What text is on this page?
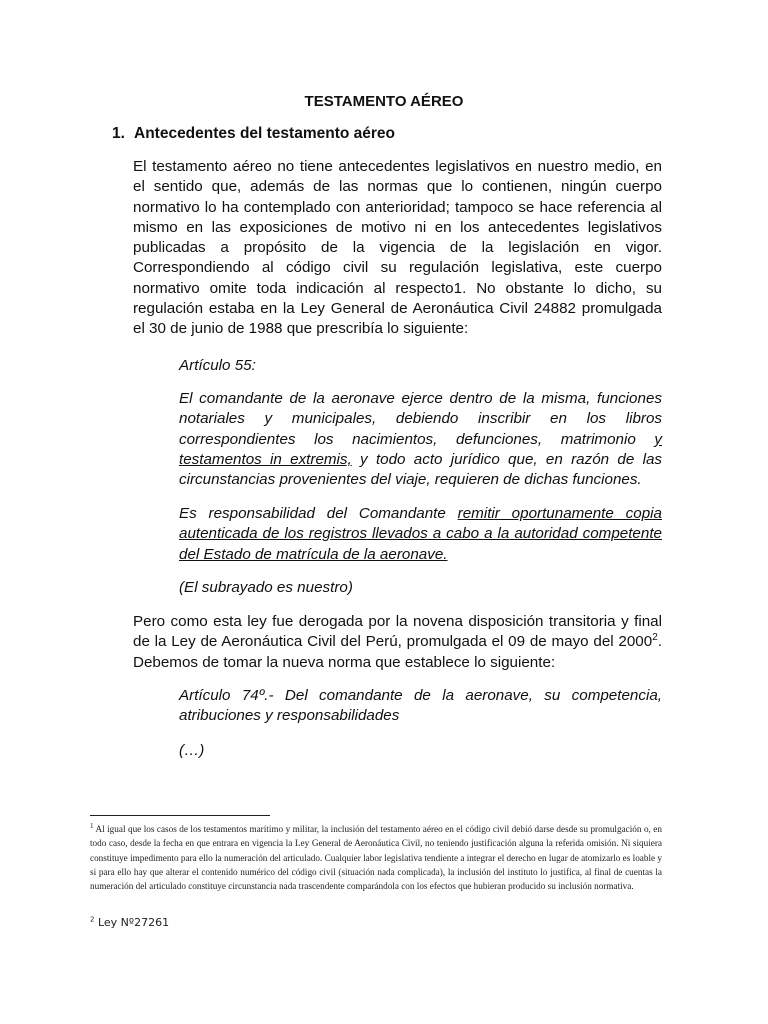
TESTAMENTO AÉREO
1. Antecedentes del testamento aéreo
El testamento aéreo no tiene antecedentes legislativos en nuestro medio, en el sentido que, además de las normas que lo contienen, ningún cuerpo normativo lo ha contemplado con anterioridad; tampoco se hace referencia al mismo en las exposiciones de motivo ni en los antecedentes legislativos publicadas a propósito de la vigencia de la legislación en vigor. Correspondiendo al código civil su regulación legislativa, este cuerpo normativo omite toda indicación al respecto1. No obstante lo dicho, su regulación estaba en la Ley General de Aeronáutica Civil 24882 promulgada el 30 de junio de 1988 que prescribía lo siguiente:
Artículo 55:
El comandante de la aeronave ejerce dentro de la misma, funciones notariales y municipales, debiendo inscribir en los libros correspondientes los nacimientos, defunciones, matrimonio y testamentos in extremis, y todo acto jurídico que, en razón de las circunstancias provenientes del viaje, requieren de dichas funciones.
Es responsabilidad del Comandante remitir oportunamente copia autenticada de los registros llevados a cabo a la autoridad competente del Estado de matrícula de la aeronave.
(El subrayado es nuestro)
Pero como esta ley fue derogada por la novena disposición transitoria y final de la Ley de Aeronáutica Civil del Perú, promulgada el 09 de mayo del 2000$^2$. Debemos de tomar la nueva norma que establece lo siguiente:
Artículo 74º.- Del comandante de la aeronave, su competencia, atribuciones y responsabilidades
(…)
$^1$ Al igual que los casos de los testamentos marítimo y militar, la inclusión del testamento aéreo en el código civil debió darse desde su promulgación o, en todo caso, desde la fecha en que entrara en vigencia la Ley General de Aeronáutica Civil, no teniendo justificación alguna la referida omisión. Ni siquiera constituye impedimento para ello la numeración del articulado. Cualquier labor legislativa tendiente a integrar el derecho en lugar de atomizarlo es loable y si para ello hay que alterar el contenido numérico del código civil (situación nada complicada), la inclusión del instituto lo justifica, al final de cuentas la numeración del articulado constituye circunstancia nada trascendente comparándola con los efectos que hubieran producido su inclusión normativa.
$^2$ Ley Nº27261
